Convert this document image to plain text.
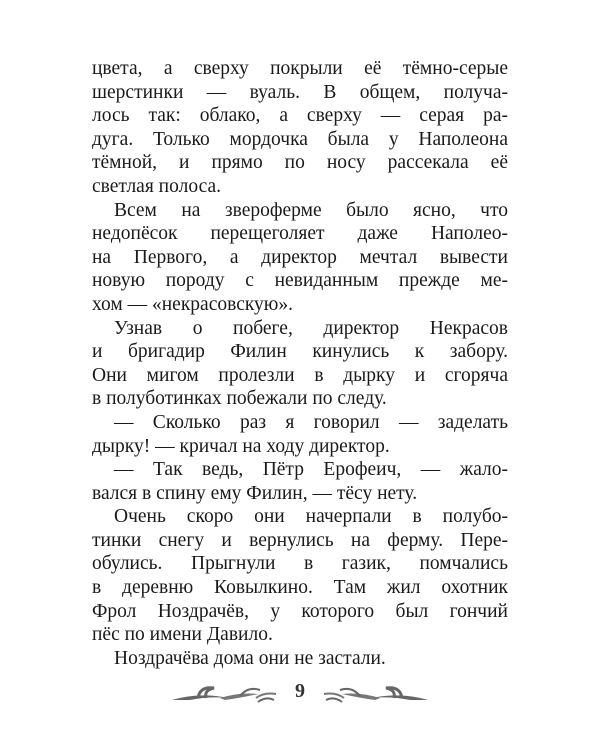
цвета, а сверху покрыли её тёмно-серые
шерстинки — вуаль. В общем, получа-
лось так: облако, а сверху — серая ра-
дуга. Только мордочка была у Наполеона
тёмной, и прямо по носу рассекала её
светлая полоса.
Всем на звероферме было ясно, что
недопёсок перещеголяет даже Наполео-
на Первого, а директор мечтал вывести
новую породу с невиданным прежде ме-
хом — «некрасовскую».
Узнав о побеге, директор Некрасов
и бригадир Филин кинулись к забору.
Они мигом пролезли в дырку и сгоряча
в полуботинках побежали по следу.
— Сколько раз я говорил — заделать
дырку! — кричал на ходу директор.
— Так ведь, Пётр Ерофеич, — жало-
вался в спину ему Филин, — тёсу нету.
Очень скоро они начерпали в полубо-
тинки снегу и вернулись на ферму. Пере-
обулись. Прыгнули в газик, помчались
в деревню Ковылкино. Там жил охотник
Фрол Ноздрачёв, у которого был гончий
пёс по имени Давило.
Ноздрачёва дома они не застали.
9
